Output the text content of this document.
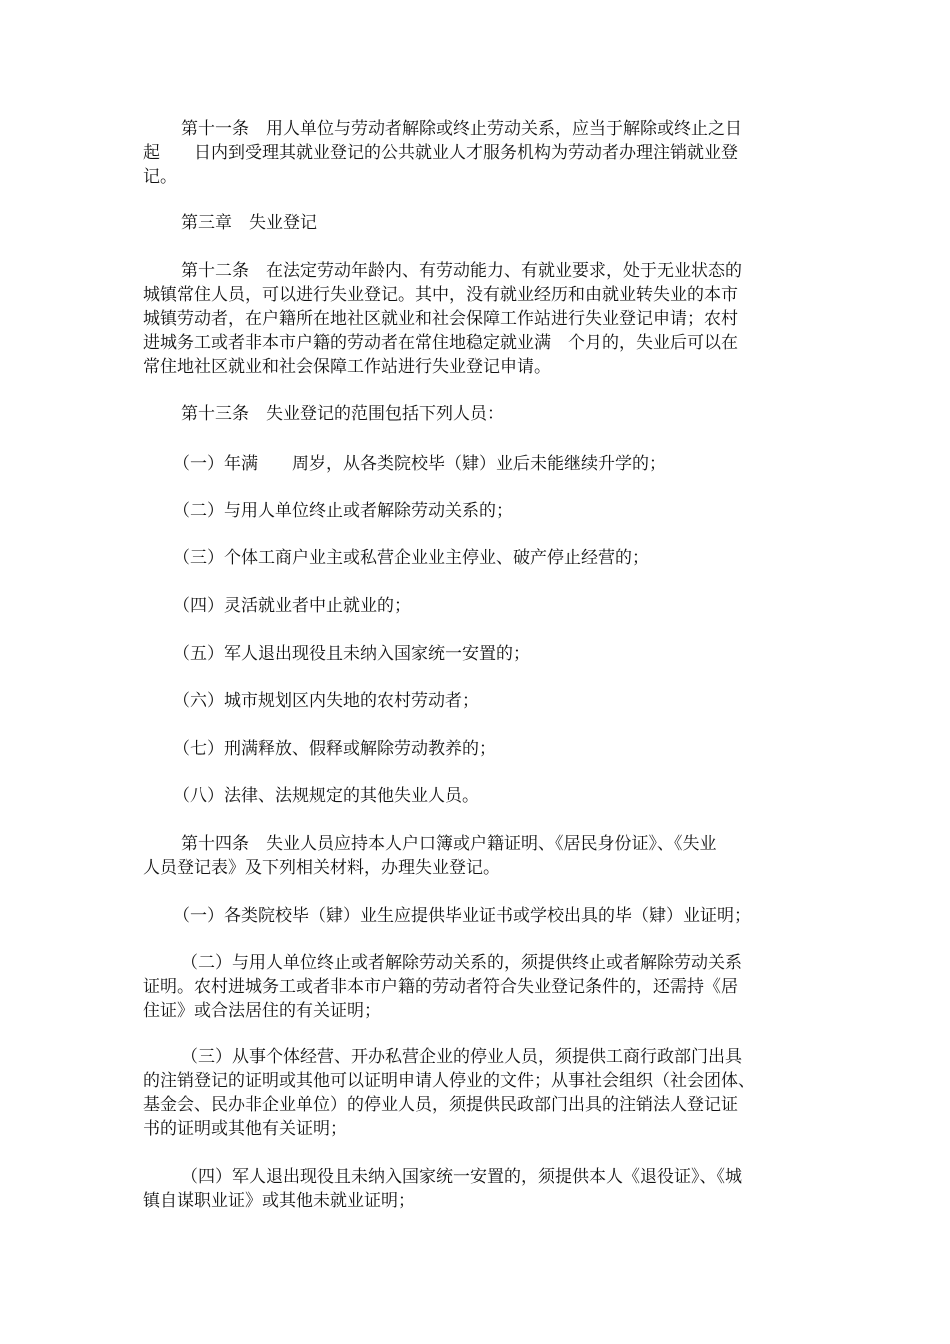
第十一条　用人单位与劳动者解除或终止劳动关系，应当于解除或终止之日
起　　日内到受理其就业登记的公共就业人才服务机构为劳动者办理注销就业登
记。

第三章　失业登记

第十二条　在法定劳动年龄内、有劳动能力、有就业要求，处于无业状态的
城镇常住人员，可以进行失业登记。其中，没有就业经历和由就业转失业的本市
城镇劳动者，在户籍所在地社区就业和社会保障工作站进行失业登记申请；农村
进城务工或者非本市户籍的劳动者在常住地稳定就业满　个月的，失业后可以在
常住地社区就业和社会保障工作站进行失业登记申请。

第十三条　失业登记的范围包括下列人员：

（一）年满　　周岁，从各类院校毕（肄）业后未能继续升学的；

（二）与用人单位终止或者解除劳动关系的；

（三）个体工商户业主或私营企业业主停业、破产停止经营的；

（四）灵活就业者中止就业的；

（五）军人退出现役且未纳入国家统一安置的；

（六）城市规划区内失地的农村劳动者；

（七）刑满释放、假释或解除劳动教养的；

（八）法律、法规规定的其他失业人员。

第十四条　失业人员应持本人户口簿或户籍证明、《居民身份证》、《失业
人员登记表》及下列相关材料，办理失业登记。

（一）各类院校毕（肄）业生应提供毕业证书或学校出具的毕（肄）业证明；

（二）与用人单位终止或者解除劳动关系的，须提供终止或者解除劳动关系
证明。农村进城务工或者非本市户籍的劳动者符合失业登记条件的，还需持《居
住证》或合法居住的有关证明；

（三）从事个体经营、开办私营企业的停业人员，须提供工商行政部门出具
的注销登记的证明或其他可以证明申请人停业的文件；从事社会组织（社会团体、
基金会、民办非企业单位）的停业人员，须提供民政部门出具的注销法人登记证
书的证明或其他有关证明；

（四）军人退出现役且未纳入国家统一安置的，须提供本人《退役证》、《城
镇自谋职业证》或其他未就业证明；
